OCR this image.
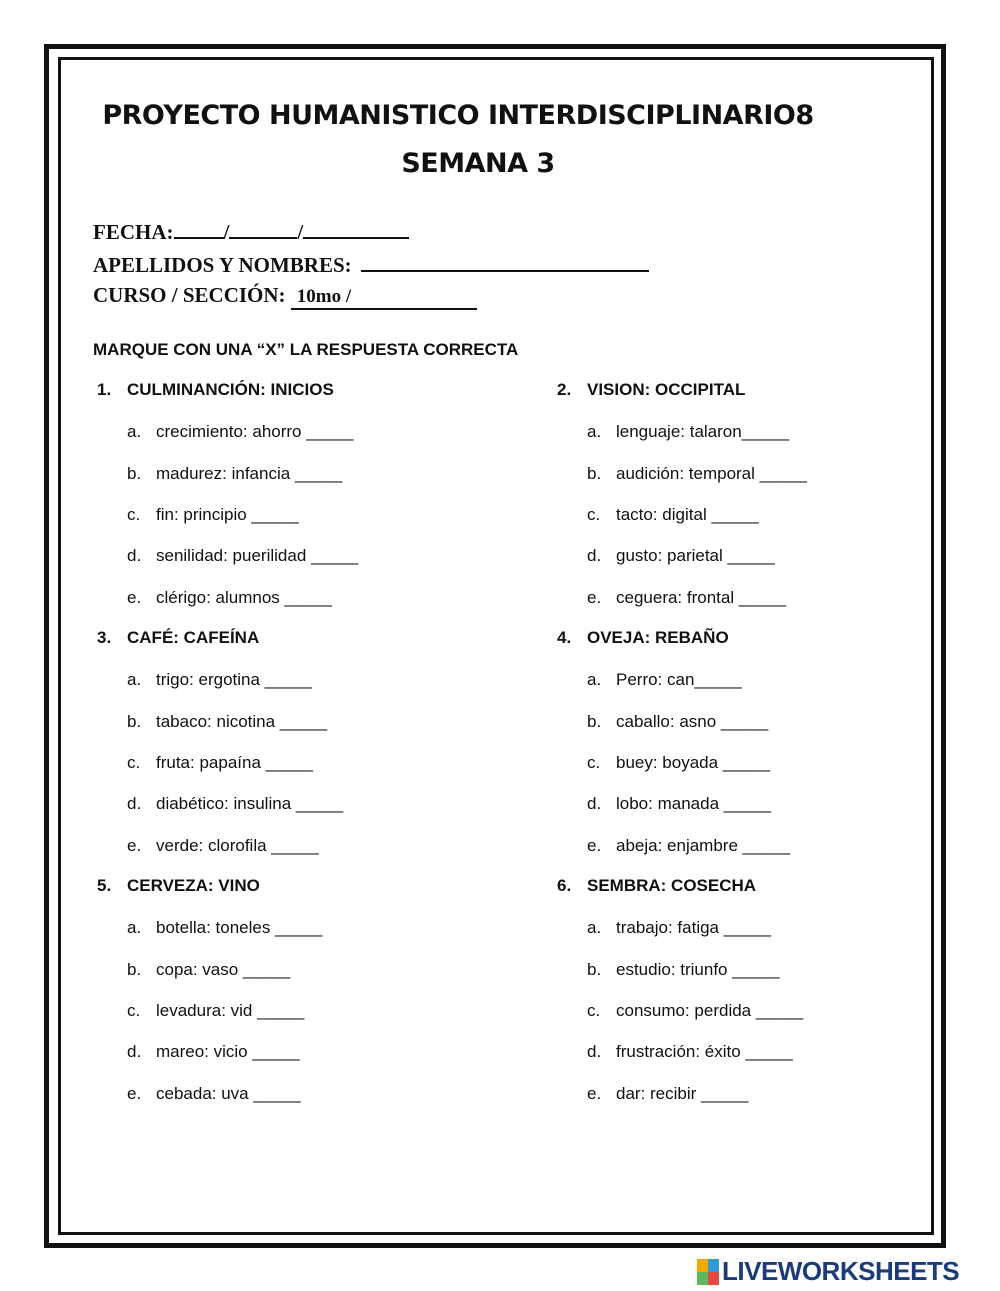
PROYECTO HUMANISTICO INTERDISCIPLINARIO8
SEMANA 3
FECHA: /	/
APELLIDOS Y NOMBRES:
CURSO / SECCIÓN: 10mo /
MARQUE CON UNA “X” LA RESPUESTA CORRECTA
1. CULMINANCIÓN: INICIOS
a. crecimiento: ahorro _____
b. madurez: infancia _____
c. fin: principio _____
d. senilidad: puerilidad _____
e. clérigo: alumnos _____
2. VISION: OCCIPITAL
a. lenguaje: talaron_____
b. audición: temporal _____
c. tacto: digital _____
d. gusto: parietal _____
e. ceguera: frontal _____
3. CAFÉ: CAFEÍNA
a. trigo: ergotina _____
b. tabaco: nicotina _____
c. fruta: papaína _____
d. diabético: insulina _____
e. verde: clorofila _____
4. OVEJA: REBAÑO
a. Perro: can_____
b. caballo: asno _____
c. buey: boyada _____
d. lobo: manada _____
e. abeja: enjambre _____
5. CERVEZA: VINO
a. botella: toneles _____
b. copa: vaso _____
c. levadura: vid _____
d. mareo: vicio _____
e. cebada: uva _____
6. SEMBRA: COSECHA
a. trabajo: fatiga _____
b. estudio: triunfo _____
c. consumo: perdida _____
d. frustración: éxito _____
e. dar: recibir _____
LIVEWORKSHEETS
